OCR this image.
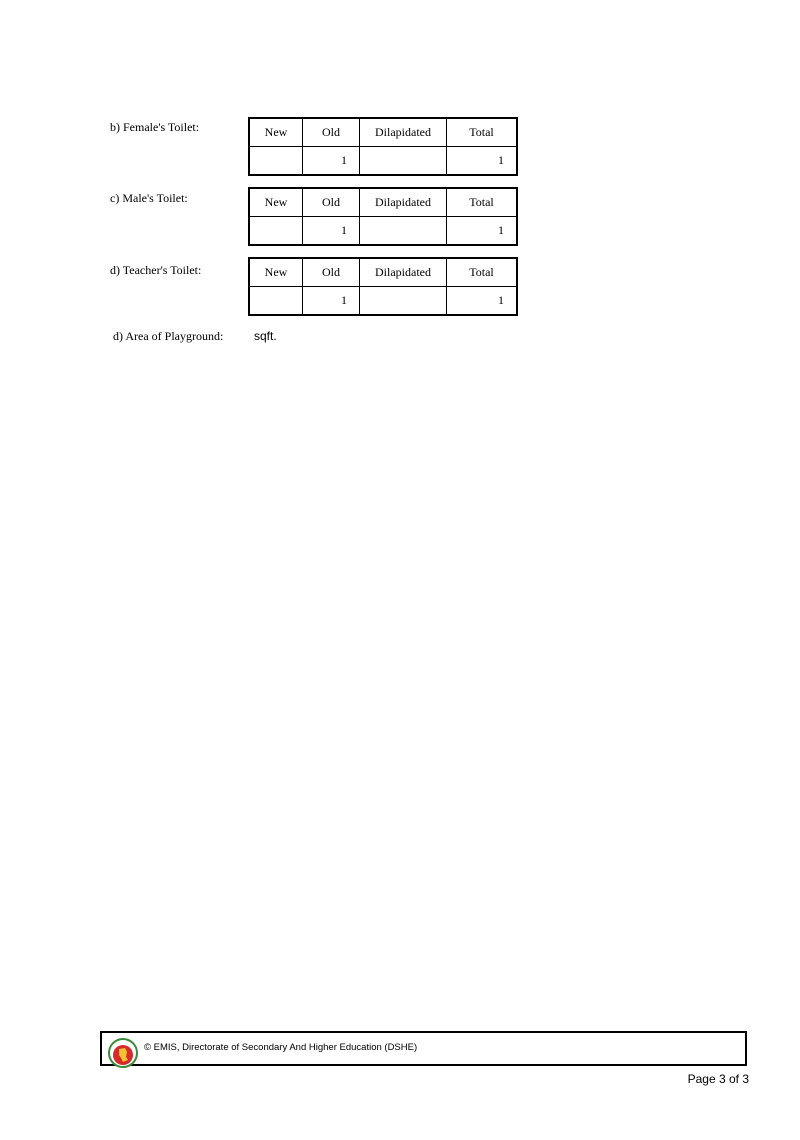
b) Female's Toilet:	New	Old	Dilapidated	Total
	1		1
c) Male's Toilet:	New	Old	Dilapidated	Total
	1		1
d) Teacher's Toilet:	New	Old	Dilapidated	Total
	1		1
d) Area of Playground:	sqft.
© EMIS, Directorate of Secondary And Higher Education (DSHE)
Page 3 of 3
